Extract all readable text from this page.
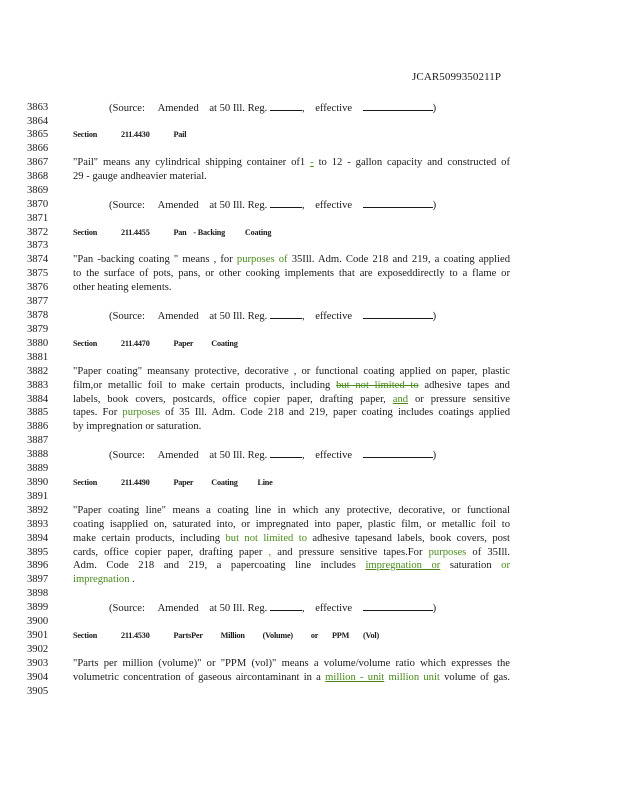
JCAR5099350211P
3863
3864
3865
3866
3867
3868
3869
3870
3871
3872
3873
3874
3875
3876
3877
3878
3879
3880
3881
3882
3883
3884
3885
3886
3887
3888
3889
3890
3891
3892
3893
3894
3895
3896
3897
3898
3899
3900
3901
3902
3903
3904
3905
(Source: Amended at 50 Ill. Reg.	, effective	)
Section	211.4430	Pail
"Pail" means any cylindrical shipping container of1 - to 12 - gallon capacity and constructed of
29 - gauge andheavier material.
(Source: Amended at 50 Ill. Reg.	, effective	)
Section	211.4455	Pan - Backing Coating
"Pan -backing coating " means , for purposes of 35Ill. Adm. Code 218 and 219, a coating applied
to the surface of pots, pans, or other cooking implements that are exposeddirectly to a flame or
other heating elements.
(Source: Amended at 50 Ill. Reg.	, effective	)
Section	211.4470	Paper Coating
"Paper coating" meansany protective, decorative , or functional coating applied on paper, plastic
film,or metallic foil to make certain products, including but not limited to adhesive tapes and
labels, book covers, postcards, office copier paper, drafting paper, and or pressure sensitive
tapes. For purposes of 35 Ill. Adm. Code 218 and 219, paper coating includes coatings applied
by impregnation or saturation.
(Source: Amended at 50 Ill. Reg.	, effective	)
Section	211.4490	Paper Coating Line
"Paper coating line" means a coating line in which any protective, decorative, or functional
coating isapplied on, saturated into, or impregnated into paper, plastic film, or metallic foil to
make certain products, including but not limited to adhesive tapesand labels, book covers, post
cards, office copier paper, drafting paper , and pressure sensitive tapes.For purposes of 35Ill.
Adm. Code 218 and 219, a papercoating line includes impregnation or saturation or
impregnation .
(Source: Amended at 50 Ill. Reg.	, effective	)
Section	211.4530	PartsPer Million (Volume) or PPM (Vol)
"Parts per million (volume)" or "PPM (vol)" means a volume/volume ratio which expresses the
volumetric concentration of gaseous aircontaminant in a million - unit million unit volume of gas.
